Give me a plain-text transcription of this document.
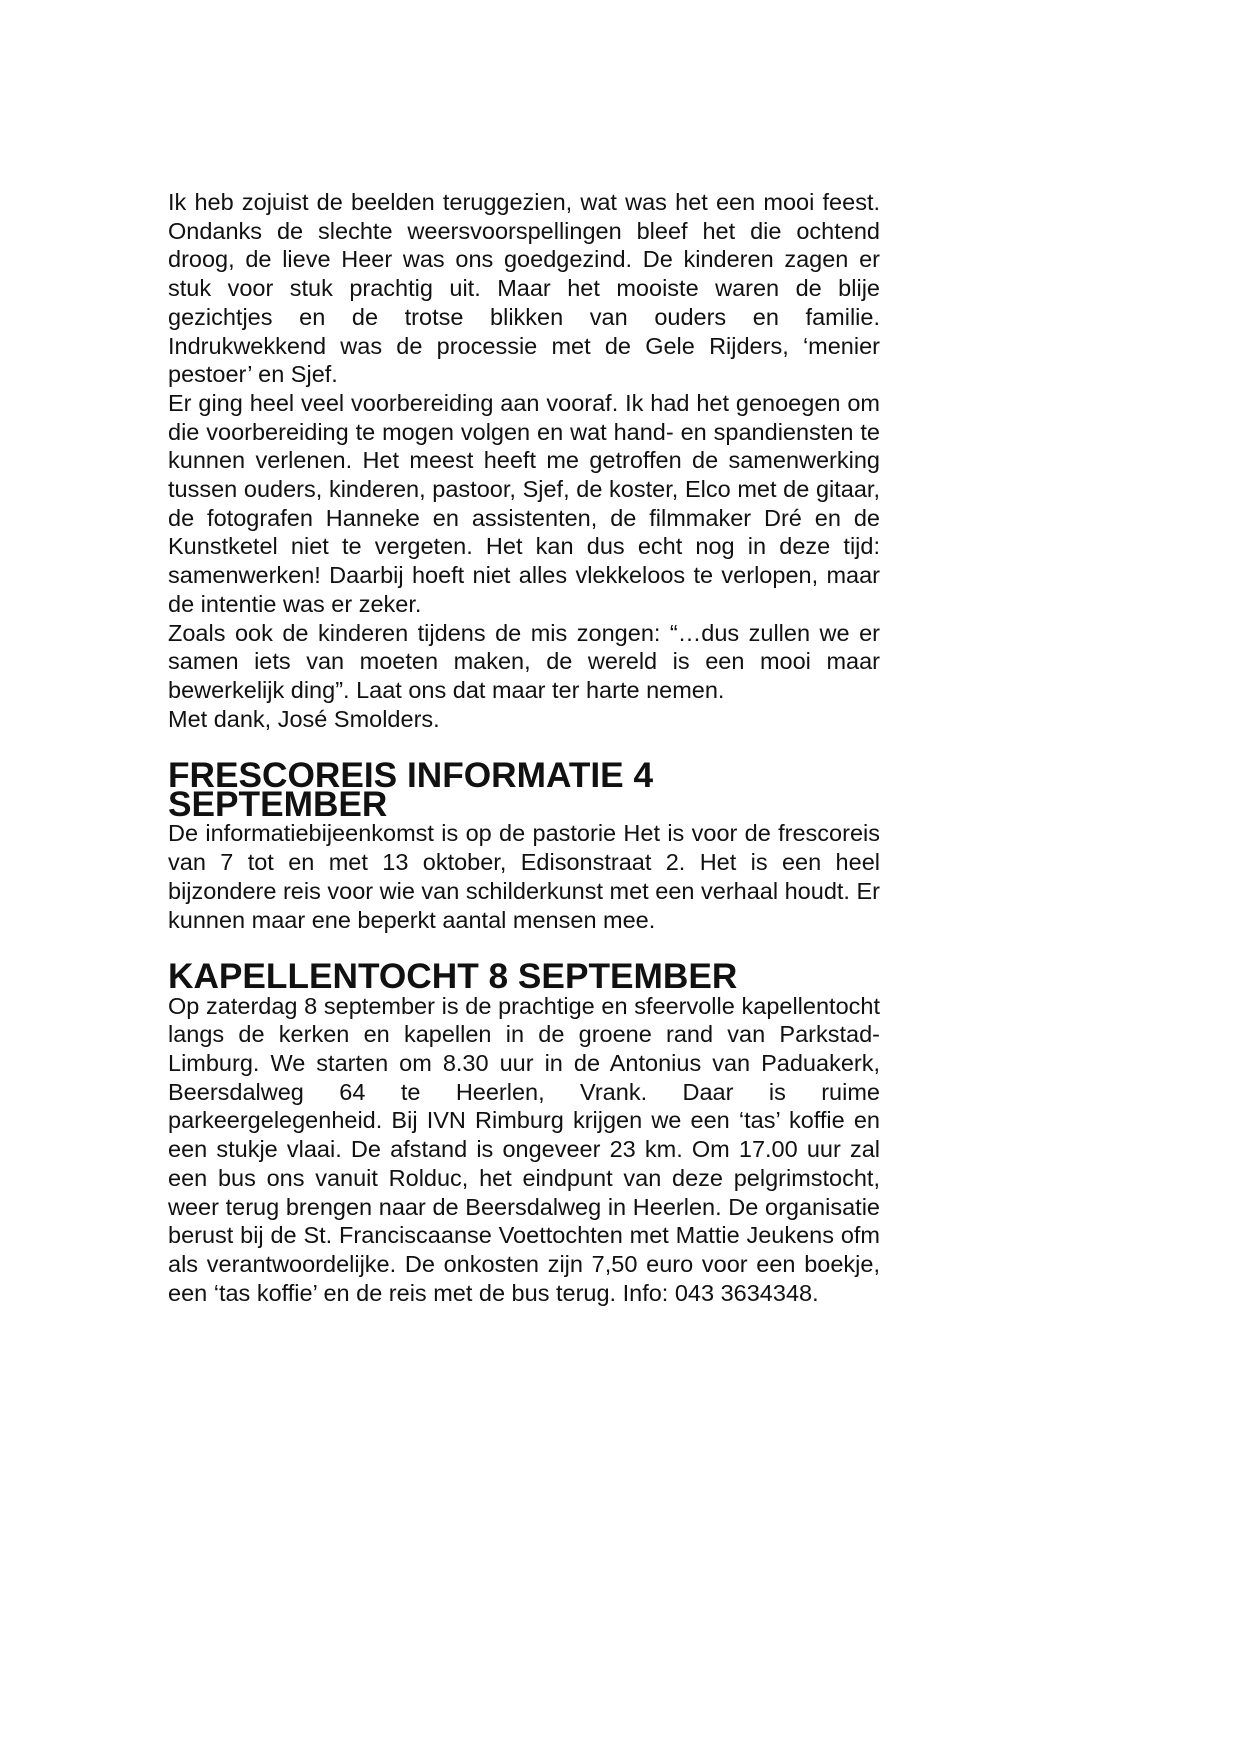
Ik heb zojuist de beelden teruggezien, wat was het een mooi feest. Ondanks de slechte weersvoorspellingen bleef het die ochtend droog, de lieve Heer was ons goedgezind. De kinderen zagen er stuk voor stuk prachtig uit. Maar het mooiste waren de blije gezichtjes en de trotse blikken van ouders en familie. Indrukwekkend was de processie met de Gele Rijders, ‘menier pestoer’ en Sjef.

Er ging heel veel voorbereiding aan vooraf. Ik had het genoegen om die voorbereiding te mogen volgen en wat hand- en spandiensten te kunnen verlenen. Het meest heeft me getroffen de samenwerking tussen ouders, kinderen, pastoor, Sjef, de koster, Elco met de gitaar, de fotografen Hanneke en assistenten, de filmmaker Dré en de Kunstketel niet te vergeten. Het kan dus echt nog in deze tijd: samenwerken! Daarbij hoeft niet alles vlekkeloos te verlopen, maar de intentie was er zeker.

Zoals ook de kinderen tijdens de mis zongen: “…dus zullen we er samen iets van moeten maken, de wereld is een mooi maar bewerkelijk ding”. Laat ons dat maar ter harte nemen.

Met dank, José Smolders.

FRESCOREIS INFORMATIE 4 SEPTEMBER

De informatiebijeenkomst is op de pastorie Het is voor de frescoreis van 7 tot en met 13 oktober, Edisonstraat 2. Het is een heel bijzondere reis voor wie van schilderkunst met een verhaal houdt. Er kunnen maar ene beperkt aantal mensen mee.

KAPELLENTOCHT 8 SEPTEMBER

Op zaterdag 8 september is de prachtige en sfeervolle kapellentocht langs de kerken en kapellen in de groene rand van Parkstad-Limburg. We starten om 8.30 uur in de Antonius van Paduakerk, Beersdalweg 64 te Heerlen, Vrank. Daar is ruime parkeergelegenheid. Bij IVN Rimburg krijgen we een ‘tas’ koffie en een stukje vlaai. De afstand is ongeveer 23 km. Om 17.00 uur zal een bus ons vanuit Rolduc, het eindpunt van deze pelgrimstocht, weer terug brengen naar de Beersdalweg in Heerlen. De organisatie berust bij de St. Franciscaanse Voettochten met Mattie Jeukens ofm als verantwoordelijke. De onkosten zijn 7,50 euro voor een boekje, een ‘tas koffie’ en de reis met de bus terug. Info: 043 3634348.
